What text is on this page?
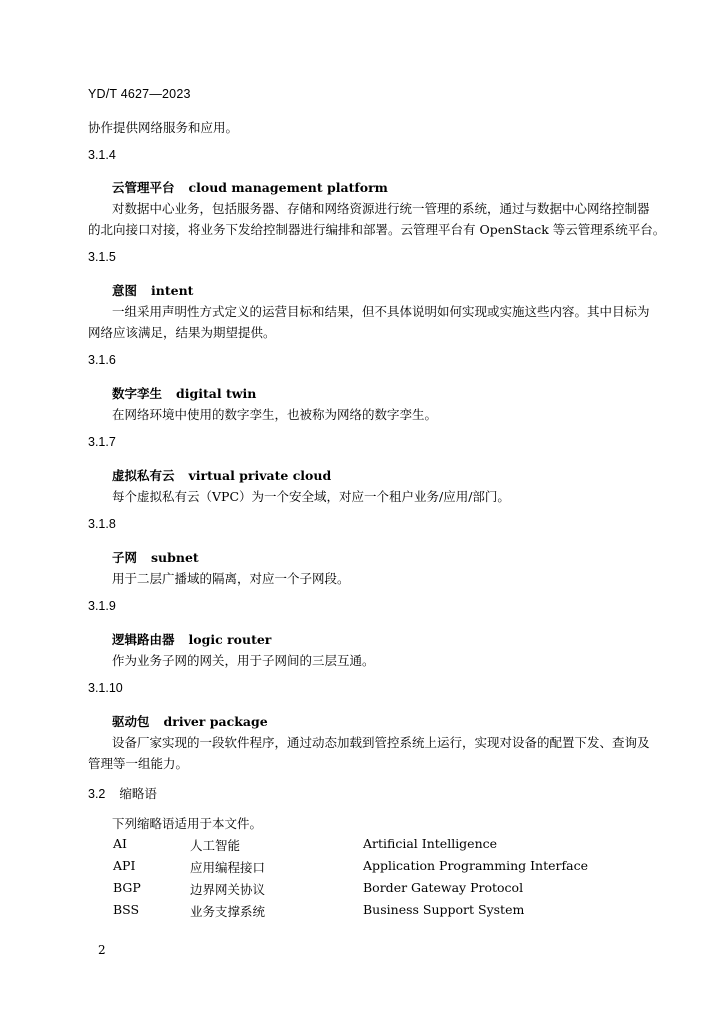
YD/T 4627—2023
协作提供网络服务和应用。
3.1.4
云管理平台 cloud management platform
对数据中心业务，包括服务器、存储和网络资源进行统一管理的系统，通过与数据中心网络控制器
的北向接口对接，将业务下发给控制器进行编排和部署。云管理平台有 OpenStack 等云管理系统平台。
3.1.5
意图 intent
一组采用声明性方式定义的运营目标和结果，但不具体说明如何实现或实施这些内容。其中目标为
网络应该满足，结果为期望提供。
3.1.6
数字孪生 digital twin
在网络环境中使用的数字孪生，也被称为网络的数字孪生。
3.1.7
虚拟私有云 virtual private cloud
每个虚拟私有云（VPC）为一个安全域，对应一个租户业务/应用/部门。
3.1.8
子网 subnet
用于二层广播域的隔离，对应一个子网段。
3.1.9
逻辑路由器 logic router
作为业务子网的网关，用于子网间的三层互通。
3.1.10
驱动包 driver package
设备厂家实现的一段软件程序，通过动态加载到管控系统上运行，实现对设备的配置下发、查询及
管理等一组能力。
3.2 缩略语
下列缩略语适用于本文件。
AI	人工智能	Artificial Intelligence
API	应用编程接口	Application Programming Interface
BGP	边界网关协议	Border Gateway Protocol
BSS	业务支撑系统	Business Support System
2
